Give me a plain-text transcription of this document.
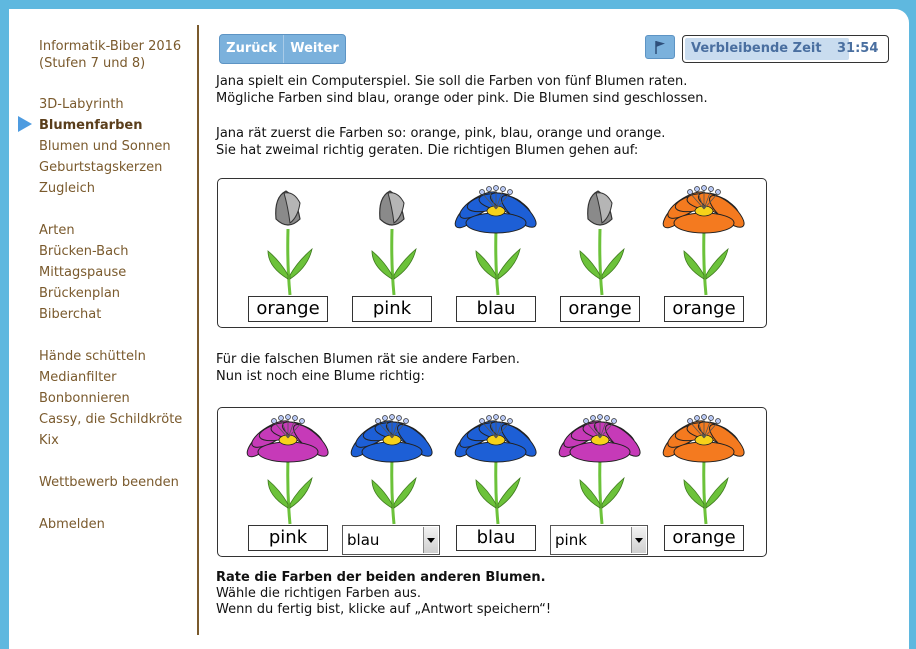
Informatik-Biber 2016
(Stufen 7 und 8)
3D-Labyrinth
Blumenfarben
Blumen und Sonnen
Geburtstagskerzen
Zugleich
Arten
Brücken-Bach
Mittagspause
Brückenplan
Biberchat
Hände schütteln
Medianfilter
Bonbonnieren
Cassy, die Schildkröte
Kix
Wettbewerb beenden
Abmelden
Zurück	Weiter	Verbleibende Zeit 31:54
Jana spielt ein Computerspiel. Sie soll die Farben von fünf Blumen raten.
Mögliche Farben sind blau, orange oder pink. Die Blumen sind geschlossen.
Jana rät zuerst die Farben so: orange, pink, blau, orange und orange.
Sie hat zweimal richtig geraten. Die richtigen Blumen gehen auf:
orange	pink	blau	orange	orange
Für die falschen Blumen rät sie andere Farben.
Nun ist noch eine Blume richtig:
pink	blau	blau	pink	orange
Rate die Farben der beiden anderen Blumen.
Wähle die richtigen Farben aus.
Wenn du fertig bist, klicke auf „Antwort speichern“!
